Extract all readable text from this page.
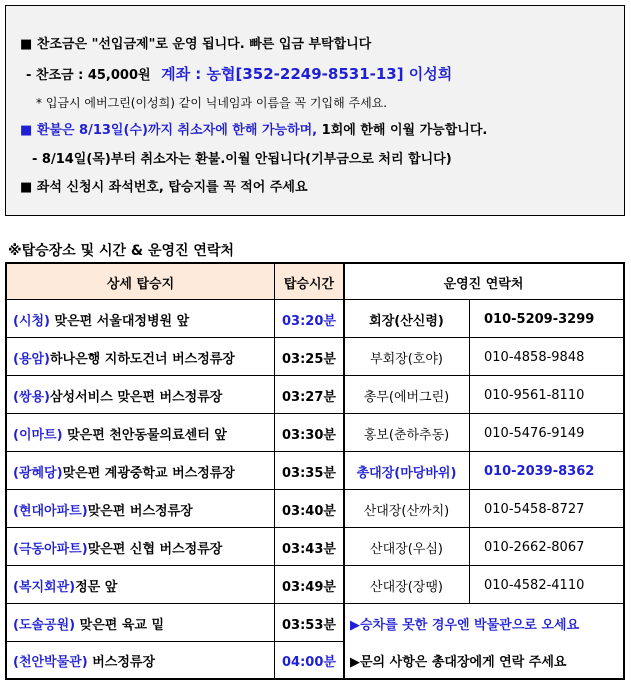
■ 찬조금은 "선입금제"로 운영 됩니다. 빠른 입금 부탁합니다
- 찬조금 : 45,000원 계좌 : 농협[352-2249-8531-13] 이성희
* 입금시 에버그린(이성희) 같이 닉네임과 이름을 꼭 기입해 주세요.
■ 환불은 8/13일(수)까지 취소자에 한해 가능하며, 1회에 한해 이월 가능합니다.
- 8/14일(목)부터 취소자는 환불.이월 안됩니다(기부금으로 처리 합니다)
■ 좌석 신청시 좌석번호, 탑승지를 꼭 적어 주세요
※탑승장소 및 시간 & 운영진 연락처
상세 탑승지	탑승시간	운영진 연락처
(시청) 맞은편 서울대정병원 앞	03:20분	회장(산신령)	010-5209-3299
(용암) 하나은행 지하도건너 버스정류장	03:25분	부회장(호야)	010-4858-9848
(쌍용) 삼성서비스 맞은편 버스정류장	03:27분	총무(에버그린)	010-9561-8110
(이마트) 맞은편 천안동물의료센터 앞	03:30분	홍보(춘하추동)	010-5476-9149
(광혜당) 맞은편 계광중학교 버스정류장	03:35분	총대장(마당바위)	010-2039-8362
(현대아파트) 맞은편 버스정류장	03:40분	산대장(산까치)	010-5458-8727
(극동아파트) 맞은편 신협 버스정류장	03:43분	산대장(우심)	010-2662-8067
(복지회관) 정문 앞	03:49분	산대장(장땡)	010-4582-4110
(도솔공원) 맞은편 육교 밑	03:53분
(천안박물관) 버스정류장	04:00분
▶승차를 못한 경우엔 박물관으로 오세요
▶문의 사항은 총대장에게 연락 주세요
